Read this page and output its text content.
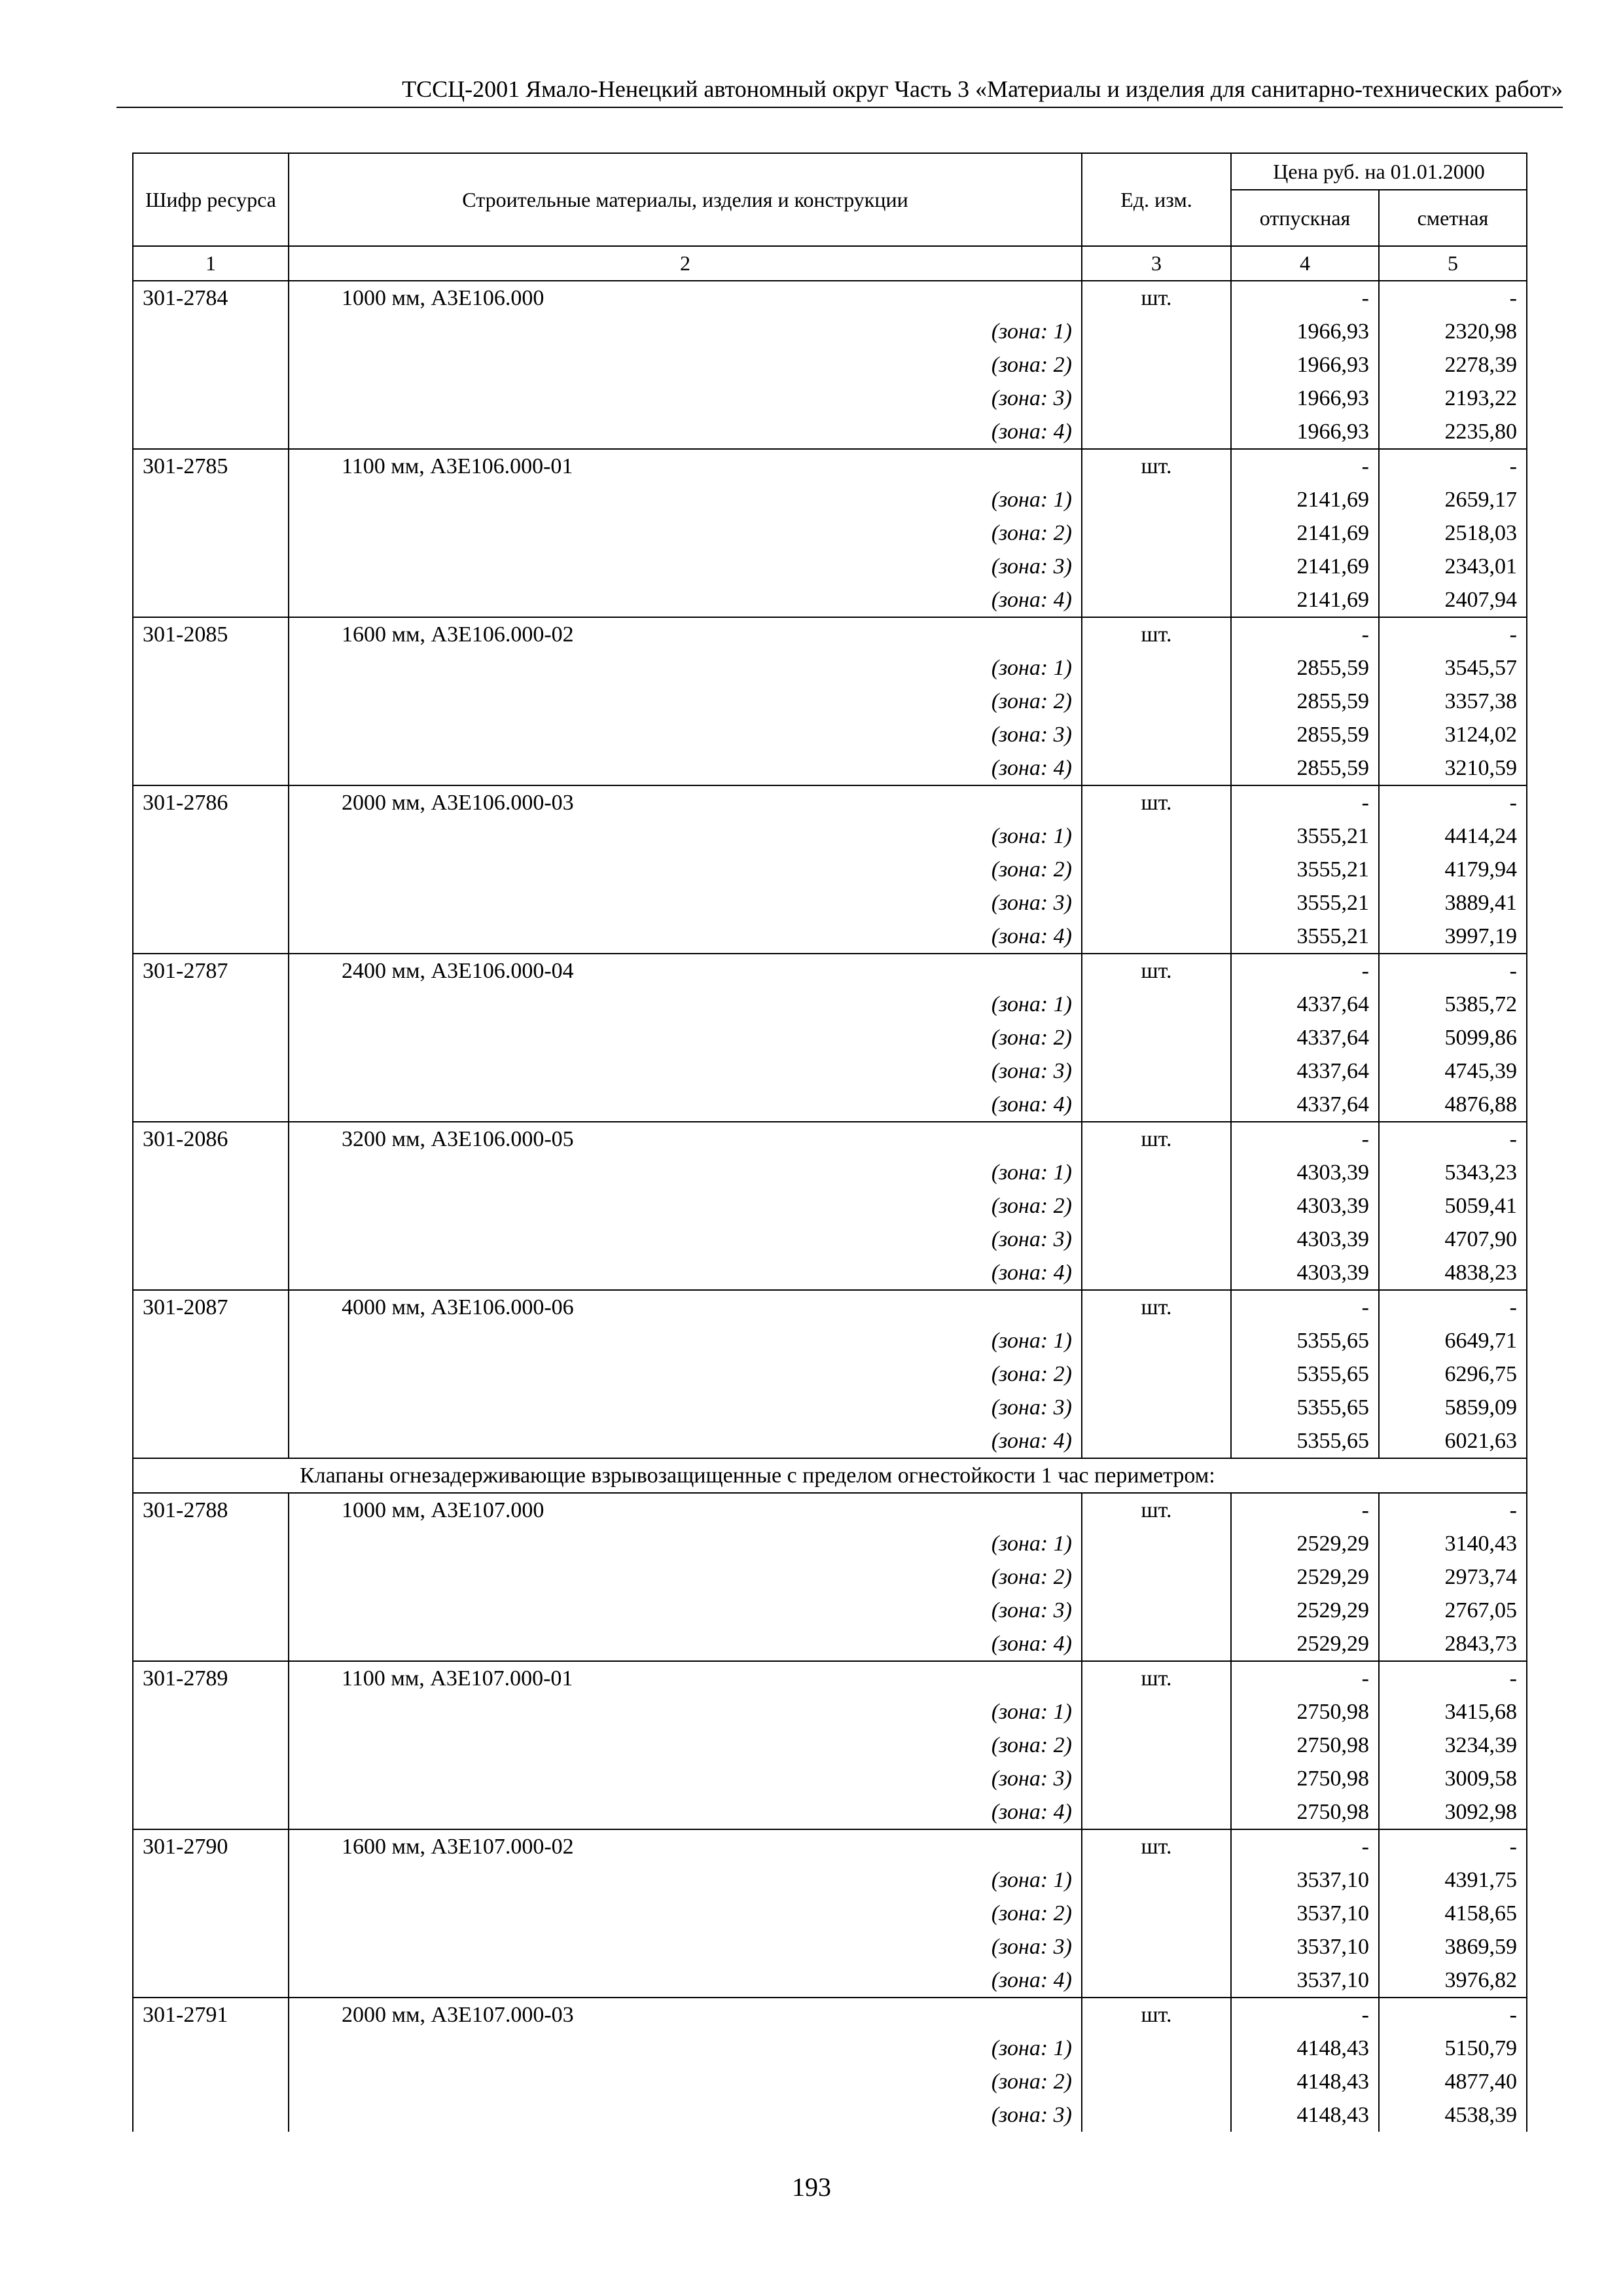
ТССЦ-2001 Ямало-Ненецкий автономный округ Часть 3 «Материалы и изделия для санитарно-технических работ»
Шифр ресурса	Строительные материалы, изделия и конструкции	Ед. изм.	Цена руб. на 01.01.2000	
			отпускная	сметная
1	2	3	4	5
301-2784	1000 мм, А3Е106.000	шт.	-	-
	(зона: 1)		1966,93	2320,98
	(зона: 2)		1966,93	2278,39
	(зона: 3)		1966,93	2193,22
	(зона: 4)		1966,93	2235,80
301-2785	1100 мм, А3Е106.000-01	шт.	-	-
	(зона: 1)		2141,69	2659,17
	(зона: 2)		2141,69	2518,03
	(зона: 3)		2141,69	2343,01
	(зона: 4)		2141,69	2407,94
301-2085	1600 мм, А3Е106.000-02	шт.	-	-
	(зона: 1)		2855,59	3545,57
	(зона: 2)		2855,59	3357,38
	(зона: 3)		2855,59	3124,02
	(зона: 4)		2855,59	3210,59
301-2786	2000 мм, А3Е106.000-03	шт.	-	-
	(зона: 1)		3555,21	4414,24
	(зона: 2)		3555,21	4179,94
	(зона: 3)		3555,21	3889,41
	(зона: 4)		3555,21	3997,19
301-2787	2400 мм, А3Е106.000-04	шт.	-	-
	(зона: 1)		4337,64	5385,72
	(зона: 2)		4337,64	5099,86
	(зона: 3)		4337,64	4745,39
	(зона: 4)		4337,64	4876,88
301-2086	3200 мм, А3Е106.000-05	шт.	-	-
	(зона: 1)		4303,39	5343,23
	(зона: 2)		4303,39	5059,41
	(зона: 3)		4303,39	4707,90
	(зона: 4)		4303,39	4838,23
301-2087	4000 мм, А3Е106.000-06	шт.	-	-
	(зона: 1)		5355,65	6649,71
	(зона: 2)		5355,65	6296,75
	(зона: 3)		5355,65	5859,09
	(зона: 4)		5355,65	6021,63
Клапаны огнезадерживающие взрывозащищенные с пределом огнестойкости 1 час периметром:				
301-2788	1000 мм, А3Е107.000	шт.	-	-
	(зона: 1)		2529,29	3140,43
	(зона: 2)		2529,29	2973,74
	(зона: 3)		2529,29	2767,05
	(зона: 4)		2529,29	2843,73
301-2789	1100 мм, А3Е107.000-01	шт.	-	-
	(зона: 1)		2750,98	3415,68
	(зона: 2)		2750,98	3234,39
	(зона: 3)		2750,98	3009,58
	(зона: 4)		2750,98	3092,98
301-2790	1600 мм, А3Е107.000-02	шт.	-	-
	(зона: 1)		3537,10	4391,75
	(зона: 2)		3537,10	4158,65
	(зона: 3)		3537,10	3869,59
	(зона: 4)		3537,10	3976,82
301-2791	2000 мм, А3Е107.000-03	шт.	-	-
	(зона: 1)		4148,43	5150,79
	(зона: 2)		4148,43	4877,40
	(зона: 3)		4148,43	4538,39
193
